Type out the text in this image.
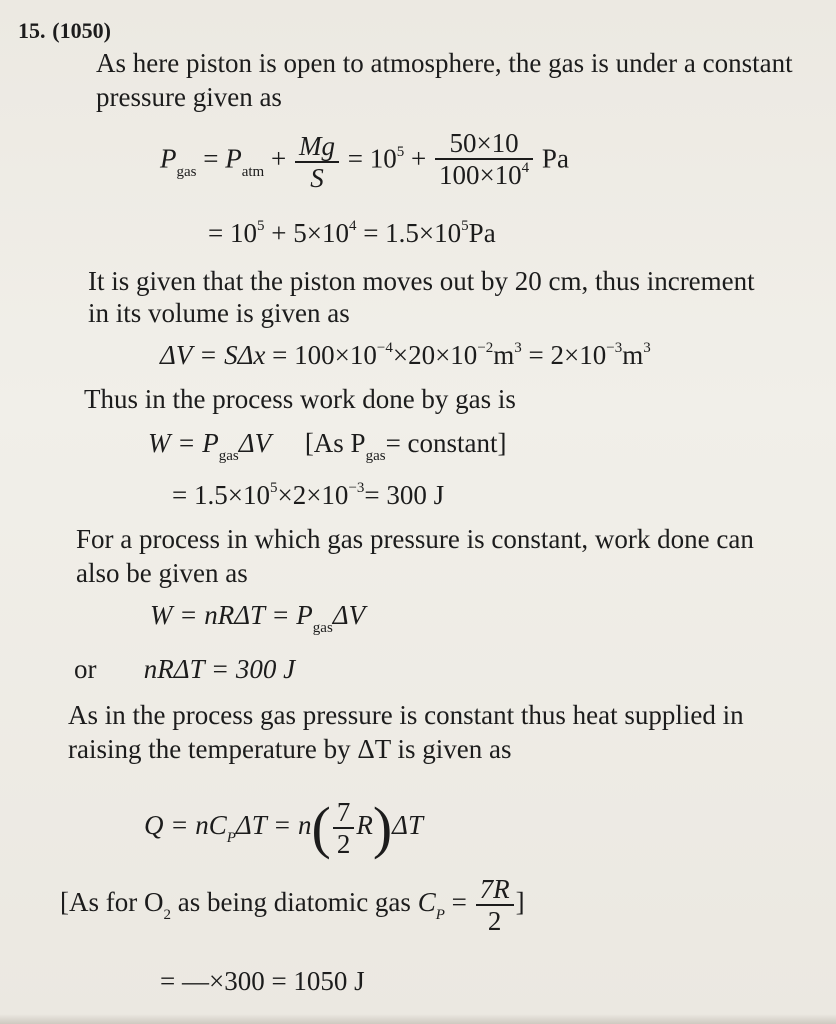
15. (1050)
As here piston is open to atmosphere, the gas is under a constant
pressure given as
$P_{gas} = P_{atm} + \frac{Mg}{S} = 10^5 + \frac{50\times 10}{100\times 10^4}$ Pa
= $10^5 + 5\times 10^4 = 1.5\times 10^5Pa$
It is given that the piston moves out by 20 cm, thus increment
in its volume is given as
$\Delta V = S\Delta x = 100\times 10^{-4}\times 20\times 10^{-2}m^3 = 2\times 10^{-3}m^3$
Thus in the process work done by gas is
$W = P_{gas}\Delta V$ [As $P_{gas}=$ constant]
= $1.5\times 10^5\times 2\times 10^{-3}= 300$ J
For a process in which gas pressure is constant, work done can
also be given as
$W = nR\Delta T = P_{gas}\Delta V$
or nRΔT = 300 J
As in the process gas pressure is constant thus heat supplied in
raising the temperature by ΔT is given as
$Q = nC_P\Delta T = n( \frac{7}{2} R)\Delta T$
[As for $O_2$ as being diatomic gas $C_P = \frac{7R}{2}$ ]
= —×300 = 1050 J
